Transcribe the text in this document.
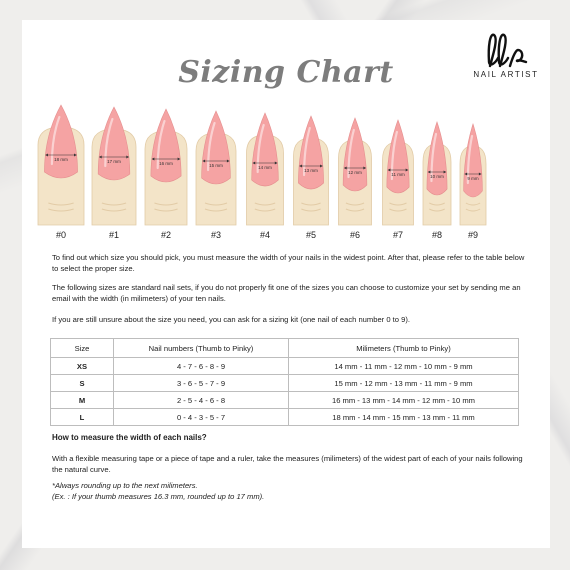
NAIL ARTIST
Sizing Chart
18 mm
#0
17 mm
#1
16 mm
#2
15 mm
#3
14 mm
#4
13 mm
#5
12 mm
#6
11 mm
#7
10 mm
#8
9 mm
#9
To find out which size you should pick, you must measure the width of your nails in the widest point. After that, please refer to the table below to select the proper size.
The following sizes are standard nail sets, if you do not properly fit one of the sizes you can choose to customize your set by sending me an email with the width (in milimeters) of your ten nails.
If you are still unsure about the size you need, you can ask for a sizing kit (one nail of each number 0 to 9).
Size	Nail numbers (Thumb to Pinky)	Milimeters (Thumb to Pinky)
XS	4 - 7 - 6 - 8 - 9	14 mm - 11 mm - 12 mm - 10 mm - 9 mm
S	3 - 6 - 5 - 7 - 9	15 mm - 12 mm - 13 mm - 11 mm - 9 mm
M	2 - 5 - 4 - 6 - 8	16 mm - 13 mm - 14 mm - 12 mm - 10 mm
L	0 - 4 - 3 - 5 - 7	18 mm - 14 mm - 15 mm - 13 mm - 11 mm
How to measure the width of each nails?
With a flexible measuring tape or a piece of tape and a ruler, take the measures (milimeters) of the widest part of each of your nails following the natural curve.
*Always rounding up to the next milimeters.
(Ex. : If your thumb measures 16.3 mm, rounded up to 17 mm).
